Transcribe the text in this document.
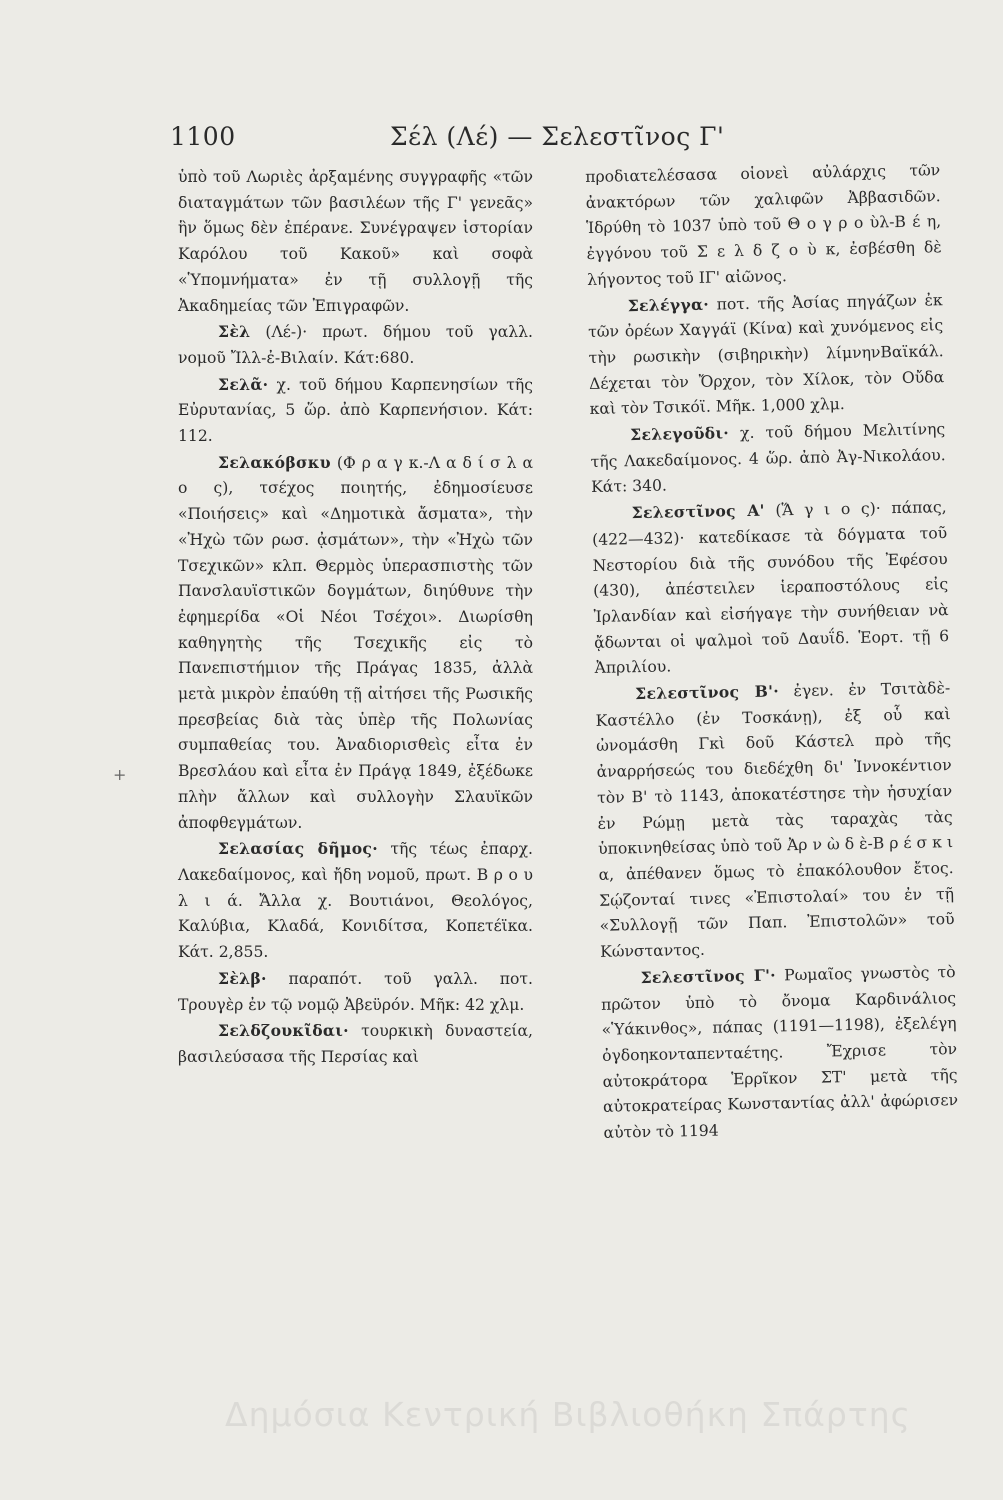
1100	Σέλ (Λέ) — Σελεστῖνος Γ'

ὑπὸ τοῦ Λωριὲς ἀρξαμένης συγγραφῆς «τῶν διαταγμάτων τῶν βασιλέων τῆς Γ' γενεᾶς» ἣν ὅμως δὲν ἐπέρανε. Συνέγραψεν ἱστορίαν Καρόλου τοῦ Κακοῦ» καὶ σοφὰ «Ὑπομνήματα» ἐν τῇ συλλογῇ τῆς Ἀκαδημείας τῶν Ἐπιγραφῶν.

Σὲλ (Λέ-)· πρωτ. δήμου τοῦ γαλλ. νομοῦ Ἴλλ-ἐ-Βιλαίν. Κάτ:680.

Σελᾶ· χ. τοῦ δήμου Καρπενησίων τῆς Εὐρυτανίας, 5 ὥρ. ἀπὸ Καρπενήσιον. Κάτ: 112.

Σελακόβσκυ (Φ ρ α γ κ.-Λ α δ ί σ λ α ο ς), τσέχος ποιητής, ἐδημοσίευσε «Ποιήσεις» καὶ «Δημοτικὰ ἄσματα», τὴν «Ἠχὼ τῶν ρωσ. ᾀσμάτων», τὴν «Ἠχὼ τῶν Τσεχικῶν» κλπ. Θερμὸς ὑπερασπιστὴς τῶν Πανσλαυϊστικῶν δογμάτων, διηύθυνε τὴν ἐφημερίδα «Οἱ Νέοι Τσέχοι». Διωρίσθη καθηγητὴς τῆς Τσεχικῆς εἰς τὸ Πανεπιστήμιον τῆς Πράγας 1835, ἀλλὰ μετὰ μικρὸν ἐπαύθη τῇ αἰτήσει τῆς Ρωσικῆς πρεσβείας διὰ τὰς ὑπὲρ τῆς Πολωνίας συμπαθείας του. Ἀναδιορισθεὶς εἶτα ἐν Βρεσλάου καὶ εἶτα ἐν Πράγᾳ 1849, ἐξέδωκε πλὴν ἄλλων καὶ συλλογὴν Σλαυϊκῶν ἀποφθεγμάτων.

Σελασίας δῆμος· τῆς τέως ἐπαρχ. Λακεδαίμονος, καὶ ἤδη νομοῦ, πρωτ. Β ρ ο υ λ ι ά. Ἄλλα χ. Βουτιάνοι, Θεολόγος, Καλύβια, Κλαδά, Κονιδίτσα, Κοπετέϊκα. Κάτ. 2,855.

Σὲλβ· παραπότ. τοῦ γαλλ. ποτ. Τρουγὲρ ἐν τῷ νομῷ Ἀβεϋρόν. Μῆκ: 42 χλμ.

Σελδζουκῖδαι· τουρκικὴ δυναστεία, βασιλεύσασα τῆς Περσίας καὶ

προδιατελέσασα οἱονεὶ αὐλάρχις τῶν ἀνακτόρων τῶν χαλιφῶν Ἀββασιδῶν. Ἱδρύθη τὸ 1037 ὑπὸ τοῦ Θ ο γ ρ ο ὺλ-Β έ η, ἐγγόνου τοῦ Σ ε λ δ ζ ο ὺ κ, ἐσβέσθη δὲ λήγοντος τοῦ ΙΓ' αἰῶνος.

Σελέγγα· ποτ. τῆς Ἀσίας πηγάζων ἐκ τῶν ὀρέων Χαγγάϊ (Κίνα) καὶ χυνόμενος εἰς τὴν ρωσικὴν (σιβηρικὴν) λίμνηνΒαϊκάλ. Δέχεται τὸν Ὄρχον, τὸν Χίλοκ, τὸν Οὔδα καὶ τὸν Τσικόϊ. Μῆκ. 1,000 χλμ.

Σελεγοῦδι· χ. τοῦ δήμου Μελιτίνης τῆς Λακεδαίμονος. 4 ὥρ. ἀπὸ Ἀγ-Νικολάου. Κάτ: 340.

Σελεστῖνος Α' (Ἅ γ ι ο ς)· πάπας, (422—432)· κατεδίκασε τὰ δόγματα τοῦ Νεστορίου διὰ τῆς συνόδου τῆς Ἐφέσου (430), ἀπέστειλεν ἱεραποστόλους εἰς Ἰρλανδίαν καὶ εἰσήγαγε τὴν συνήθειαν νὰ ᾄδωνται οἱ ψαλμοὶ τοῦ Δαυΐδ. Ἑορτ. τῇ 6 Ἀπριλίου.

Σελεστῖνος Β'· ἐγεν. ἐν Τσιτὰδὲ-Καστέλλο (ἐν Τοσκάνῃ), ἐξ οὗ καὶ ὠνομάσθη Γκὶ δοῦ Κάστελ πρὸ τῆς ἀναρρήσεώς του διεδέχθη δι' Ἰννοκέντιον τὸν Β' τὸ 1143, ἀποκατέστησε τὴν ἡσυχίαν ἐν Ρώμῃ μετὰ τὰς ταραχὰς τὰς ὑποκινηθείσας ὑπὸ τοῦ Ἀρ ν ὼ δ ὲ-Β ρ έ σ κ ι α, ἀπέθανεν ὅμως τὸ ἐπακόλουθον ἔτος. Σῴζονταί τινες «Ἐπιστολαί» του ἐν τῇ «Συλλογῇ τῶν Παπ. Ἐπιστολῶν» τοῦ Κώνσταντος.

Σελεστῖνος Γ'· Ρωμαῖος γνωστὸς τὸ πρῶτον ὑπὸ τὸ ὄνομα Καρδινάλιος «Ὑάκινθος», πάπας (1191—1198), ἐξελέγη ὀγδοηκονταπενταέτης. Ἔχρισε τὸν αὐτοκράτορα Ἑρρῖκον ΣΤ' μετὰ τῆς αὐτοκρατείρας Κωνσταντίας ἀλλ' ἀφώρισεν αὐτὸν τὸ 1194

+
Δημόσια Κεντρική Βιβλιοθήκη Σπάρτης
